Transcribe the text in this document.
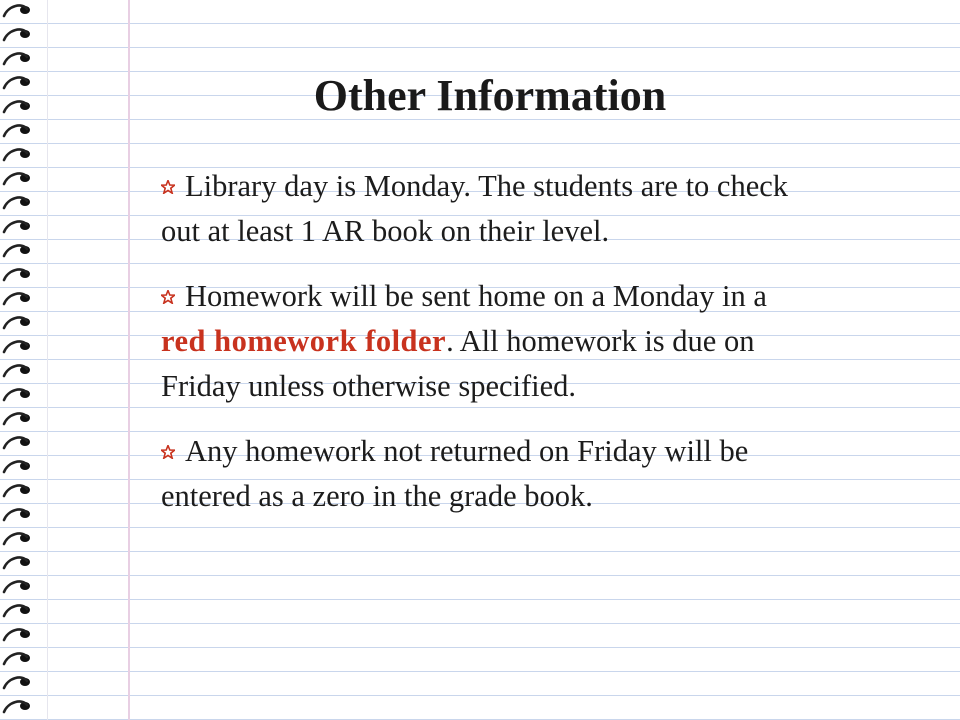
Other Information

Library day is Monday. The students are to check out at least 1 AR book on their level.

Homework will be sent home on a Monday in a red homework folder. All homework is due on Friday unless otherwise specified.

Any homework not returned on Friday will be entered as a zero in the grade book.
